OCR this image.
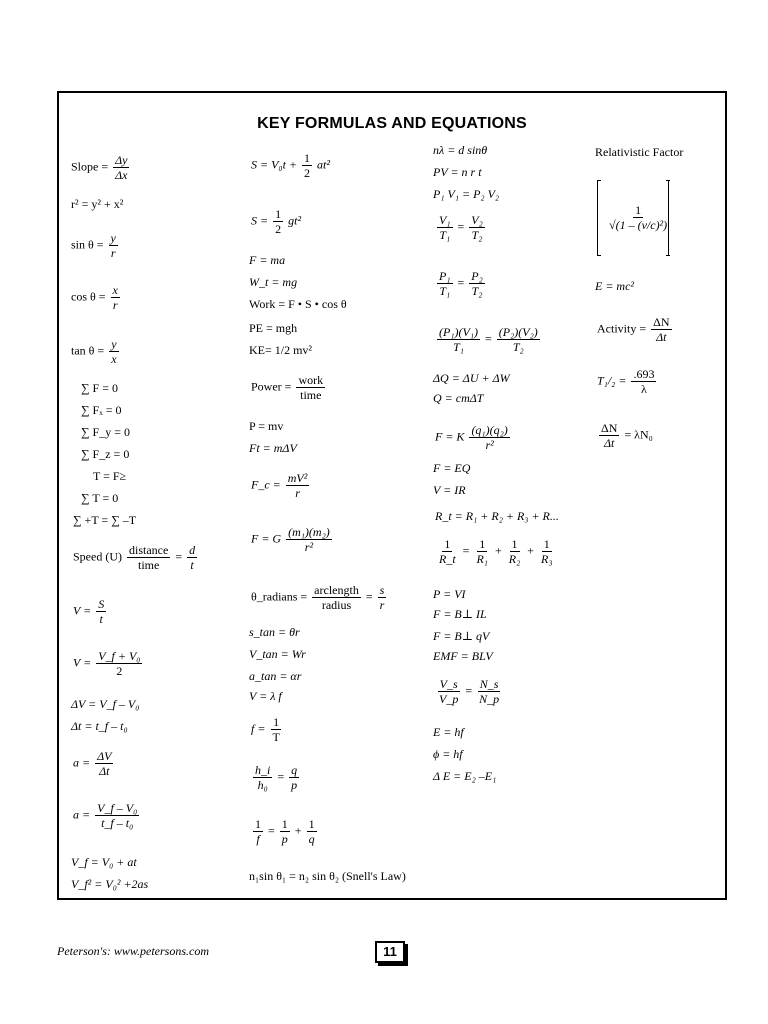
KEY FORMULAS AND EQUATIONS
Slope = $\frac{\Delta y}{\Delta x}$
r² = y² + x²
$\sin \theta = \frac{y}{r}$
$\cos \theta = \frac{x}{r}$
$\tan \theta = \frac{y}{x}$
∑ F = 0
∑ Fₓ = 0
∑ F_y = 0
∑ F_z = 0
T = F≥
∑ T = 0
∑ +T = ∑ –T
Speed $(U) \frac{\text{distance}}{\text{time}} = \frac{d}{t}$
$V = \frac{S}{t}$
$V = \frac{\text{V\_f + V₀}}{2}$
ΔV = V_f – V₀
Δt = t_f – t₀
$a = \frac{\Delta V}{\Delta t}$
$a = \frac{\text{V\_f – V₀}}{\text{t\_f – t₀}}$
V_f = V₀ + at
V_f² = V₀² +2as
$S = V_0t + \frac{1}{2} at^2$
$S = \frac{1}{2} gt^2$
F = ma
W_t = mg
Work = F • S • cos θ
PE = mgh
KE= 1/2 mv²
Power = $\frac{\text{work}}{\text{time}}$
P = mv
Ft = mΔV
F_c = $\frac{\text{mV²}}{r}$
F = G $\frac{\text{(m₁)(m₂)}}{\text{r²}}$
θ_radians = $\frac{\text{arclength}}{\text{radius}} = \frac{s}{r}$
s_tan = θr
V_tan = Wr
a_tan = αr
V = λ f
$f = \frac{1}{T}$
$\frac{h\_i}{\text{h₀}} = \frac{q}{p}$
$\frac{1}{f} = \frac{1}{p} + \frac{1}{q}$
n₁sin θ₁ = n₂ sin θ₂ (Snell's Law)
nλ = d sinθ
PV = n r t
P₁ V₁ = P₂ V₂
$\frac{\text{V₁}}{\text{T₁}} = \frac{\text{V₂}}{\text{T₂}}$
$\frac{\text{P₁}}{\text{T₁}} = \frac{\text{P₂}}{\text{T₂}}$
$\frac{\text{(P₁)(V₁)}}{\text{T₁}} = \frac{\text{(P₂)(V₂)}}{\text{T₂}}$
ΔQ = ΔU + ΔW
Q = cmΔT
F = K $\frac{\text{(q₁)(q₂)}}{\text{r²}}$
F = EQ
V = IR
R_t = R₁ + R₂ + R₃ + R...
$\frac{1}{R\_t} = \frac{1}{\text{R₁}} + \frac{1}{\text{R₂}} + \frac{1}{\text{R₃}}$
P = VI
F = B⊥ IL
F = B⊥ qV
EMF = BLV
$\frac{V\_s}{V\_p} = \frac{N\_s}{N\_p}$
E = hf
ϕ = hf
Δ E = E₂ –E₁
Relativistic Factor
$\frac{1}{\text{√(1 – (v/c)²)}}$
E = mc²
Activity = $\frac{\Delta N}{\Delta t}$
$T_1/_2 = \frac{.693}{\lambda}$
$\frac{\Delta N}{\Delta t} = \lambda N_0$
Peterson's: www.petersons.com	11
